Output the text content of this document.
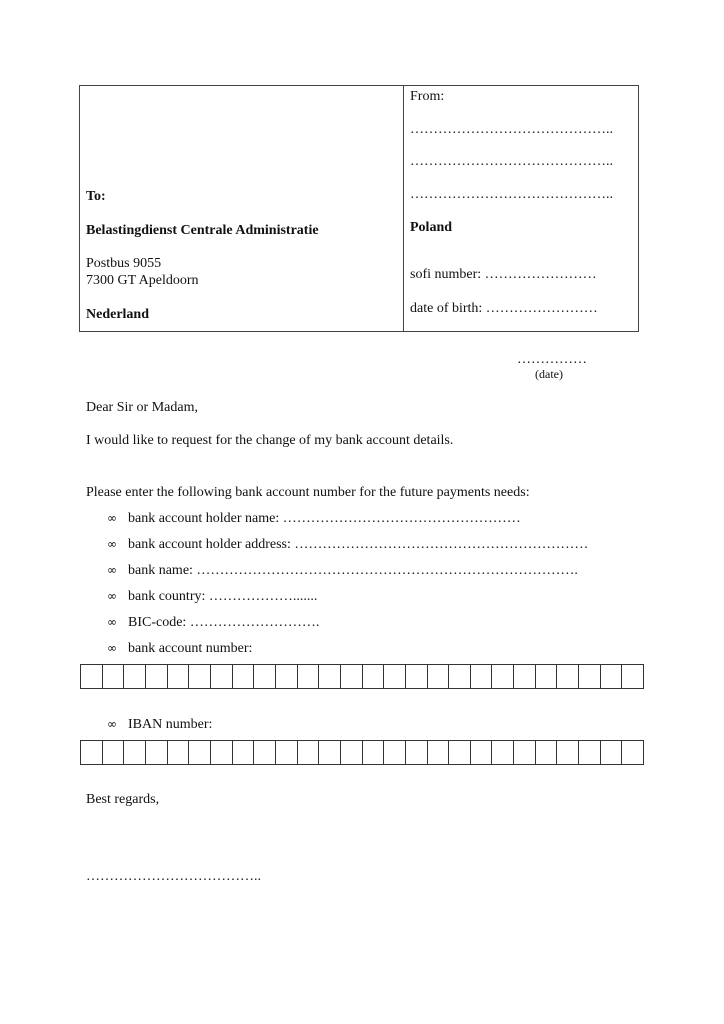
To:
Belastingdienst Centrale Administratie
Postbus 9055
7300 GT Apeldoorn
Nederland
From:
……………………………………..
……………………………………..
……………………………………..
Poland
sofi number: ……………………
date of birth: ……………………
……………
(date)
Dear Sir or Madam,
I would like to request for the change of my bank account details.
Please enter the following bank account number for the future payments needs:
∞ bank account holder name: ……………………………………………
∞ bank account holder address: ………………………………………………………
∞ bank name: ……………………………………………………………………….
∞ bank country: ……………….......
∞ BIC-code: ……………………….
∞ bank account number:
∞ IBAN number:
Best regards,
………………………………..
